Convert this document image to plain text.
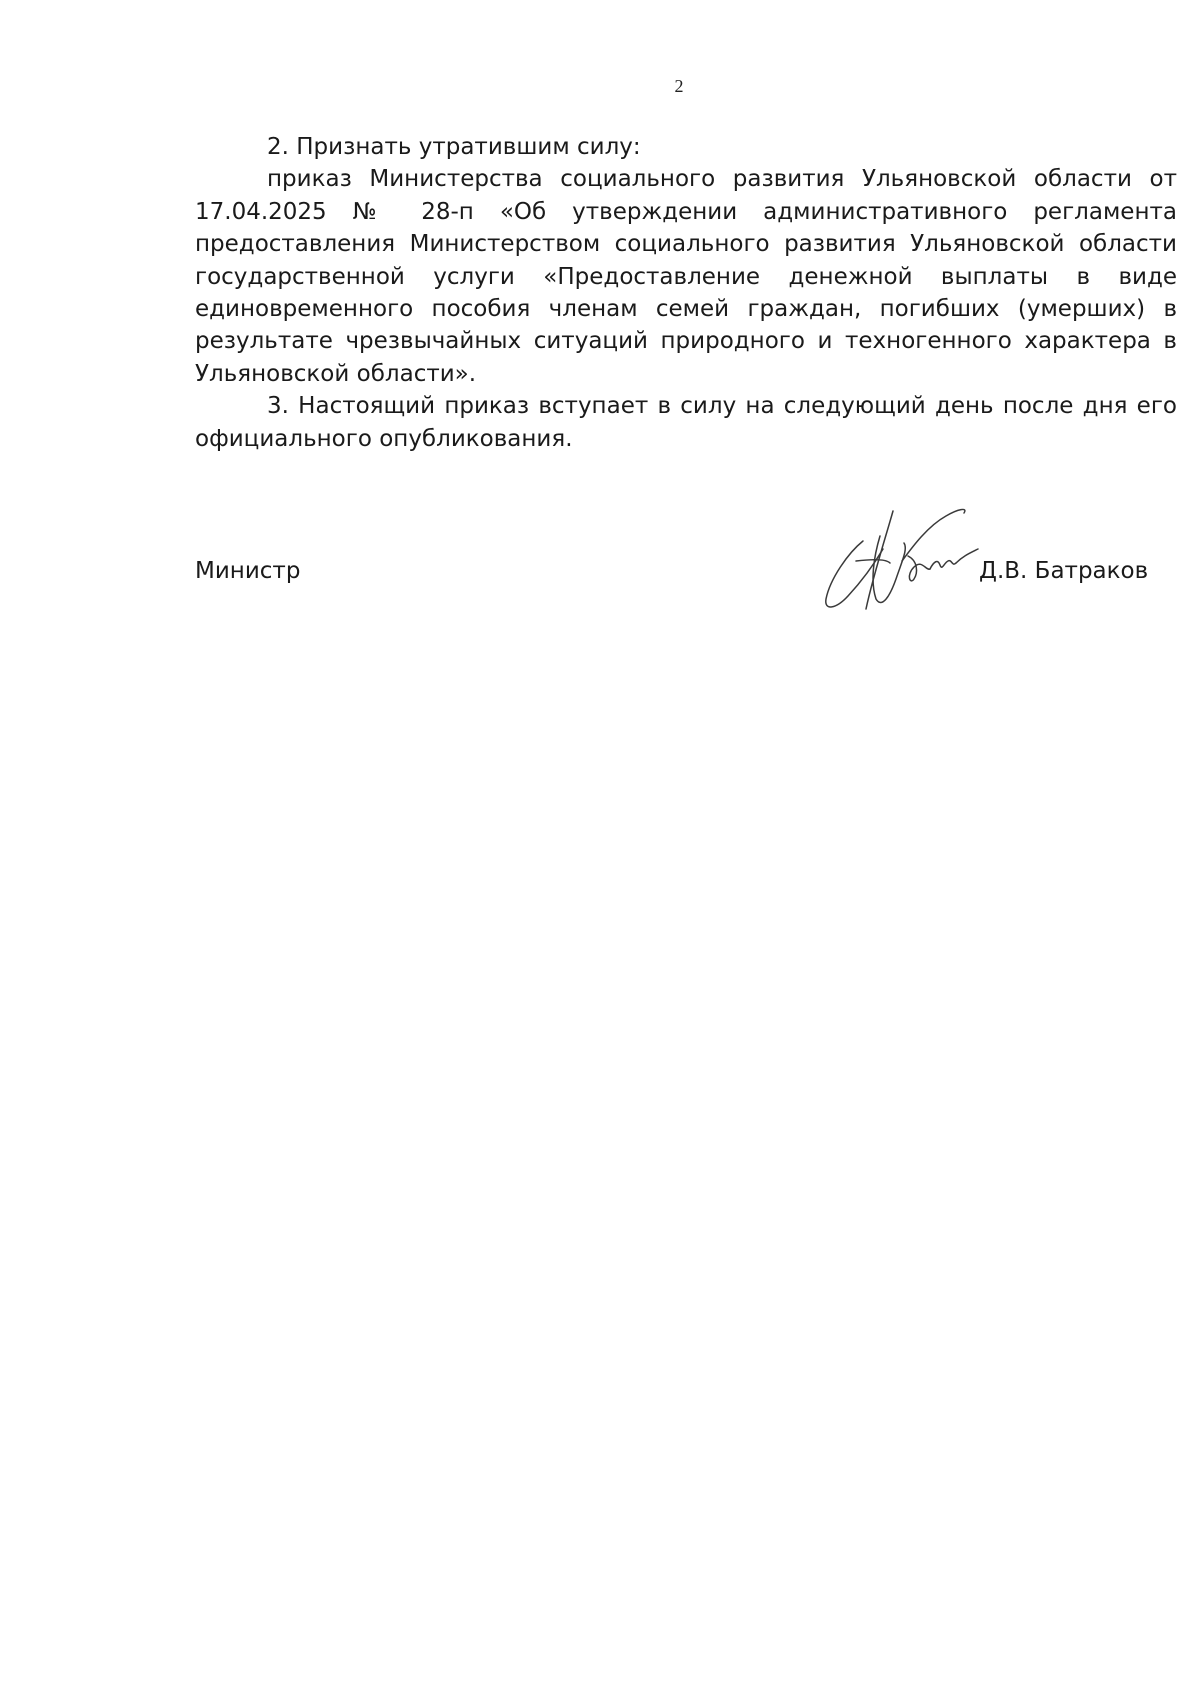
2

2. Признать утратившим силу:

приказ Министерства социального развития Ульяновской области от 17.04.2025 № 28-п «Об утверждении административного регламента предоставления Министерством социального развития Ульяновской области государственной услуги «Предоставление денежной выплаты в виде единовременного пособия членам семей граждан, погибших (умерших) в результате чрезвычайных ситуаций природного и техногенного характера в Ульяновской области».

3. Настоящий приказ вступает в силу на следующий день после дня его официального опубликования.

Министр	Д.В. Батраков
